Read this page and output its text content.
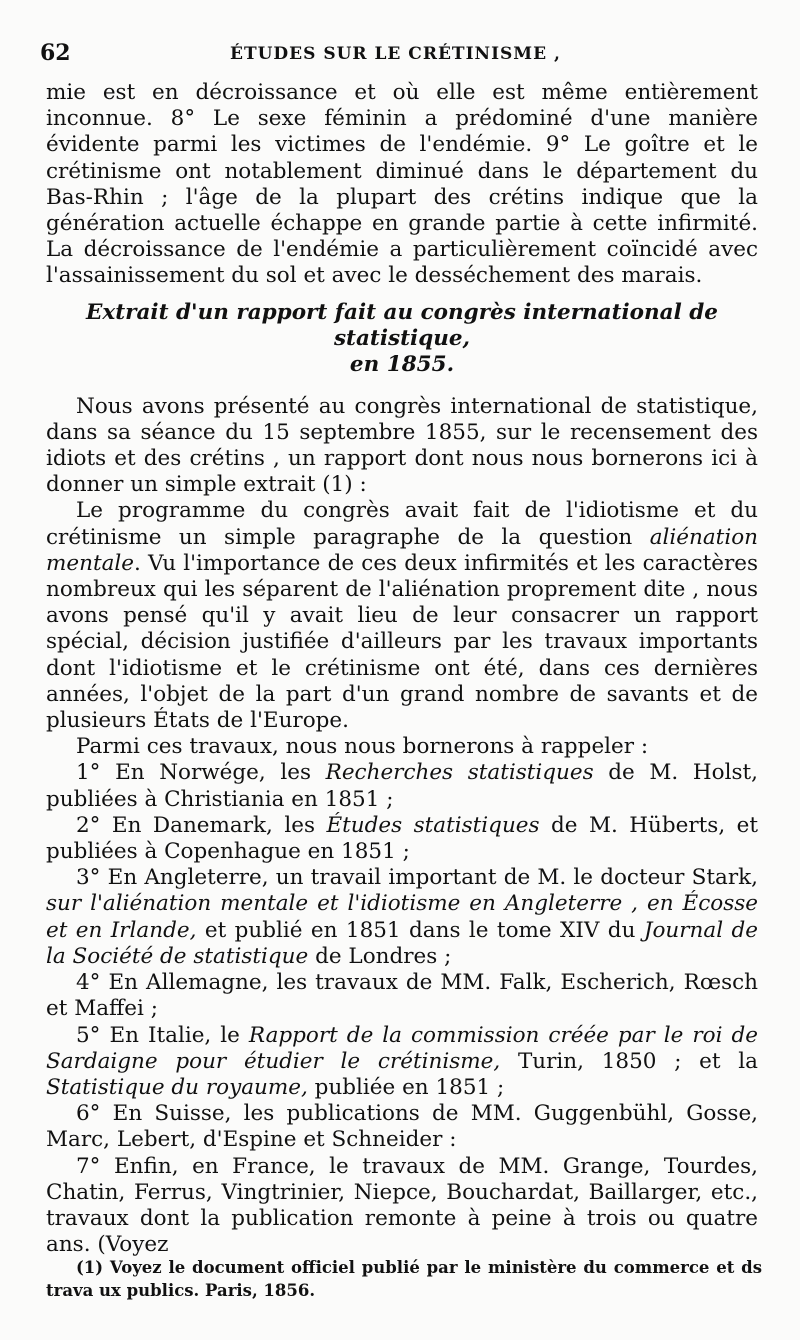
62	ÉTUDES SUR LE CRÉTINISME ,

mie est en décroissance et où elle est même entièrement inconnue. 8° Le sexe féminin a prédominé d'une manière évidente parmi les victimes de l'endémie. 9° Le goître et le crétinisme ont notablement diminué dans le département du Bas-Rhin ; l'âge de la plupart des crétins indique que la génération actuelle échappe en grande partie à cette infirmité. La décroissance de l'endémie a particulièrement coïncidé avec l'assainissement du sol et avec le desséchement des marais.

Extrait d'un rapport fait au congrès international de statistique,
en 1855.

Nous avons présenté au congrès international de statistique, dans sa séance du 15 septembre 1855, sur le recensement des idiots et des crétins , un rapport dont nous nous bornerons ici à donner un simple extrait (1) :

Le programme du congrès avait fait de l'idiotisme et du crétinisme un simple paragraphe de la question aliénation mentale. Vu l'importance de ces deux infirmités et les caractères nombreux qui les séparent de l'aliénation proprement dite , nous avons pensé qu'il y avait lieu de leur consacrer un rapport spécial, décision justifiée d'ailleurs par les travaux importants dont l'idiotisme et le crétinisme ont été, dans ces dernières années, l'objet de la part d'un grand nombre de savants et de plusieurs États de l'Europe.

Parmi ces travaux, nous nous bornerons à rappeler :

1° En Norwége, les Recherches statistiques de M. Holst, publiées à Christiania en 1851 ;

2° En Danemark, les Études statistiques de M. Hüberts, et publiées à Copenhague en 1851 ;

3° En Angleterre, un travail important de M. le docteur Stark, sur l'aliénation mentale et l'idiotisme en Angleterre , en Écosse et en Irlande, et publié en 1851 dans le tome XIV du Journal de la Société de statistique de Londres ;

4° En Allemagne, les travaux de MM. Falk, Escherich, Rœsch et Maffei ;

5° En Italie, le Rapport de la commission créée par le roi de Sardaigne pour étudier le crétinisme, Turin, 1850 ; et la Statistique du royaume, publiée en 1851 ;

6° En Suisse, les publications de MM. Guggenbühl, Gosse, Marc, Lebert, d'Espine et Schneider :

7° Enfin, en France, le travaux de MM. Grange, Tourdes, Chatin, Ferrus, Vingtrinier, Niepce, Bouchardat, Baillarger, etc., travaux dont la publication remonte à peine à trois ou quatre ans. (Voyez

(1) Voyez le document officiel publié par le ministère du commerce et ds trava ux publics. Paris, 1856.
